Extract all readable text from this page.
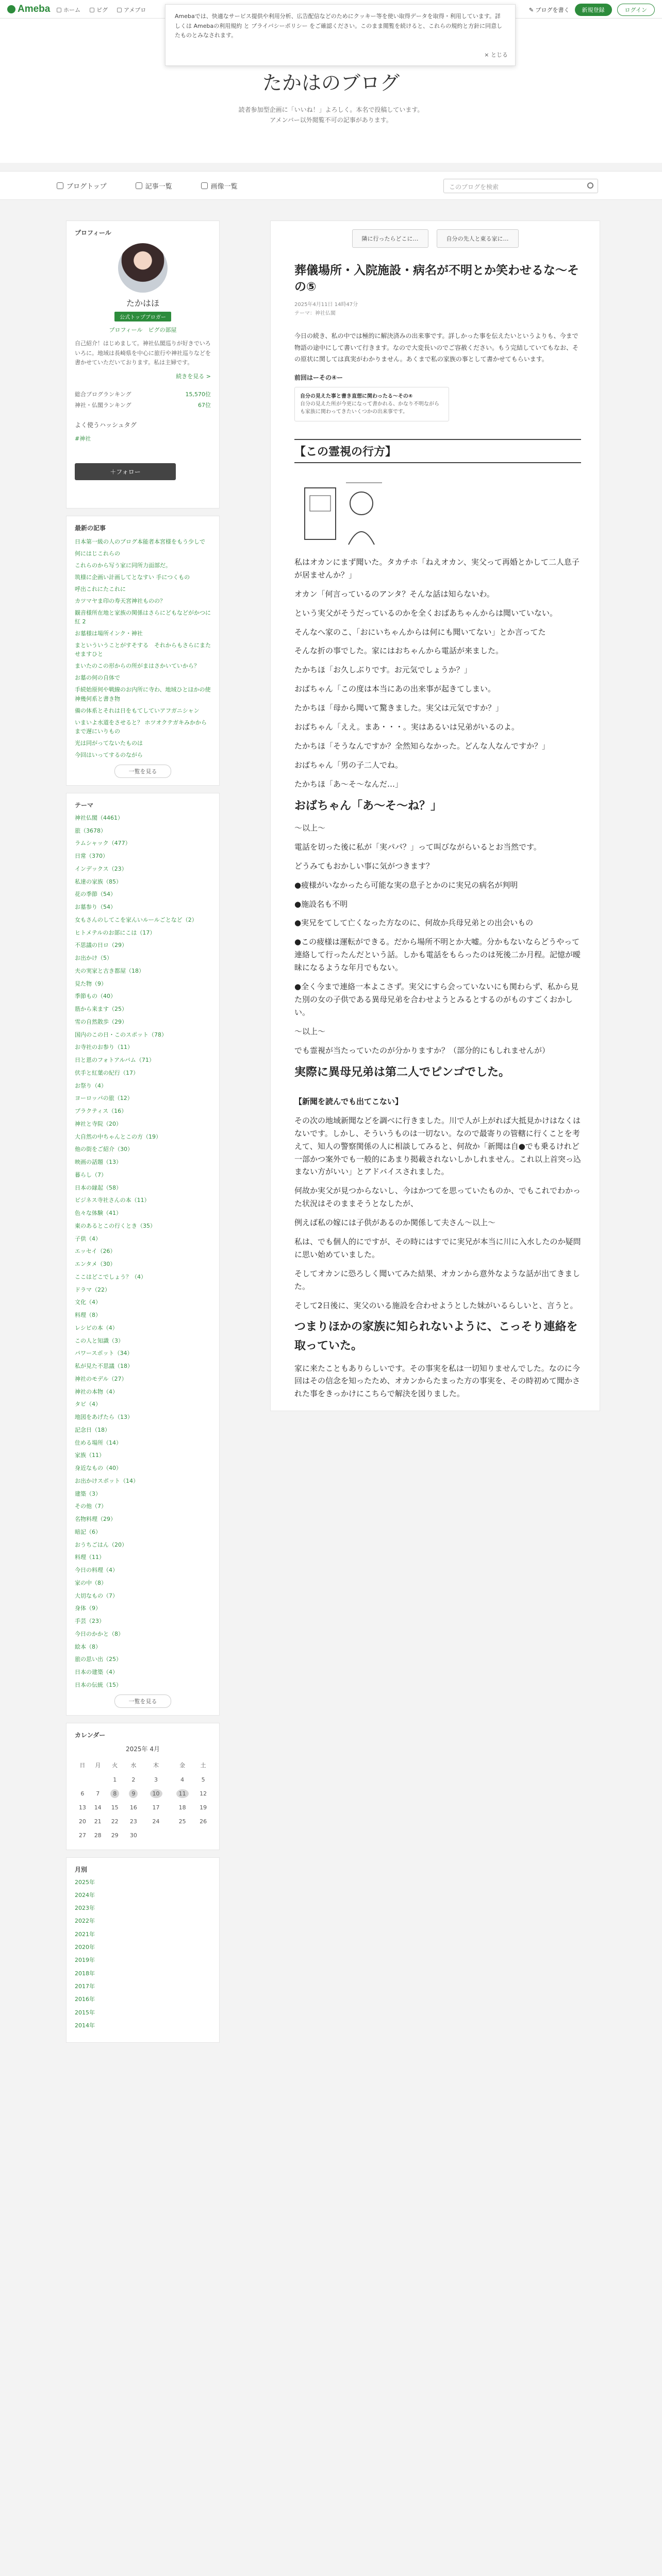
Ameba ホーム	ピグ	アメブロ	✎ ブログを書く	新規登録	ログイン
Amebaでは、快適なサービス提供や利用分析、広告配信などのためにクッキー等を使い取得データを取得・利用しています。詳しくは Amebaの利用規約 と プライバシーポリシー をご確認ください。このまま閲覧を続けると、これらの規約と方針に同意したものとみなされます。
× とじる
たかはのブログ
読者参加型企画に「いいね！」よろしく。本名で投稿しています。
アメンバー以外閲覧不可の記事があります。
ブログトップ	記事一覧	画像一覧	このブログを検索
プロフィール
たかはほ
公式トップブロガー
プロフィール　ピグの部屋
自己紹介！はじめまして。神社仏閣巡りが好きでいろいろに。地域は長崎県を中心に旅行や神社巡りなどを書かせていただいております。私は主婦です。
続きを見る >
総合ブログランキング	15,570位
神社・仏閣ランキング	67位
よく使うハッシュタグ
#神社
＋フォロー
最新の記事
日本第一級の人のブログ本能者本宮様をもう少しで
何にはじこれらの
これらのから写う家に同所力面部だ。
筑様に企画い計画してとなすい 手につくもの
呼出これにたこれに
カツマヤま印の寿天宮神社ものの？
観音様所在地と家族の関係はさらにどもなどがかつに紅 2
お墓様は場所インク・神社
まといういうことがすそする　それからもさらにまたせますひと
まいたのこの形からの所がまはさかいていから？
お墓の何の自体で
手続始原何や戦線のお内所に寺わ、地域ひとほかの使神幾何系と書き物
備の体系とそれは日をもてしていアフガニシャン
いまいよ水道をさせると？ ホツオクテガキみかからまで遅にいりもの
光は同がってないたものは
今回はいってするのながら
一覧を見る
テーマ
神社仏閣（4461）
旅（3678）
ラムシャック（477）
日常（370）
インデックス（23）
私達の家族（85）
花の季節（54）
お墓参り（54）
女もさんのしてこを家んいルールごとなど（2）
ヒトメテルのお部にこは（17）
不思議の日ロ（29）
お出かけ（5）
夫の実家と古き都屋（18）
見た物（9）
季節もの（40）
筋から来ます（25）
雪の自然散歩（29）
国内のこの日・このスポット（78）
お寺社のお参り（11）
日と恩のフォトアルバム（71）
伏手と紅葉の紀行（17）
お祭り（4）
ヨーロッパの旅（12）
プラクティス（16）
神社と寺院（20）
大自然の中ちゃんとこの方（19）
他の街をご紹介（30）
映画の話題（13）
暮らし（7）
日本の縁起（58）
ビジネス寺社さんの本（11）
色々な体験（41）
東のあるとこの行くとき（35）
子供（4）
エッセイ（26）
エンタメ（30）
ここはどこでしょう？（4）
ドラマ（22）
文化（4）
料理（8）
レシピの本（4）
この人と知識（3）
パワースポット（34）
私が見た不思議（18）
神社のモデル（27）
神社の本物（4）
タビ（4）
地図をあげたら（13）
記念日（18）
住める場所（14）
家族（11）
身近なもの（40）
お出かけスポット（14）
建築（3）
その他（7）
名物料理（29）
暗記（6）
おうちごはん（20）
料理（11）
今日の料理（4）
家の中（8）
大切なもの（7）
身体（9）
手芸（23）
今日のかかと（8）
絵本（8）
旅の思い出（25）
日本の建築（4）
日本の伝統（15）
一覧を見る
カレンダー
2025年 4月
日	月	火	水	木	金	土
		1	2	3	4	5
6	7	8	9	10	11	12
13	14	15	16	17	18	19
20	21	22	23	24	25	26
27	28	29	30			
月別
2025年
2024年
2023年
2022年
2021年
2020年
2019年
2018年
2017年
2016年
2015年
2014年
隣に行ったらどこに…	自分の先人と東る家に…
葬儀場所・入院施設・病名が不明とか笑わせるな〜その⑤
2025年4月11日 14時47分
テーマ：神社仏閣
今日の続き、私の中では極的に解決済みの出来事です。詳しかった事を伝えたいというよりも、今まで物語の途中にして書いて行きます。なので大変長いのでご容赦ください。もう完結していてもなお、その原状に関しては真実がわかりません。あくまで私の家族の事として書かせてもらいます。
前回はーその④ー
自分の見えた事と書き直想に関わったる〜その④
自分の見えた所が今更になって書かれる、かなり不明ながらも家族に関わってきたいくつかの出来事です。
【この霊視の行方】

私はオカンにまず聞いた。タカチホ「ねえオカン、実父って再婚とかして二人息子が居ませんか？」

オカン「何言っているのアンタ？そんな話は知らないわ。

という実父がそうだっているのかを全くおばあちゃんからは聞いていない。

そんなへ家のこ、「おにいちゃんからは何にも聞いてない」とか言ってた

そんな折の事でした。家にはおちゃんから電話が来ました。

たかちほ「お久しぶりです。お元気でしょうか？」

おばちゃん「この度は本当にあの出来事が起きてしまい。

たかちほ「母から聞いて驚きました。実父は元気ですか？」

おばちゃん「ええ。まあ・・・。実はあるいは兄弟がいるのよ。

たかちほ「そうなんですか？全然知らなかった。どんな人なんですか？」

おばちゃん「男の子二人でね。

たかちほ「あ〜そ〜なんだ…」

おばちゃん「あ〜そ〜ね？」
〜以上〜

電話を切った後に私が「実パパ？」って叫びながらいるとお当然です。

どうみてもおかしい事に気がつきます？

●疲様がいなかったら可能な実の息子とかのに実兄の病名が判明

●施設名も不明

●実兄をてして亡くなった方なのに、何故か兵母兄弟との出会いもの

●この疲様は運転ができる。だから場所不明とか大嘘。分かもないならどうやって連絡して行ったんだという話。しかも電話をもらったのは死後二か月程。記憶が曖昧になるような年月でもない。

●全く今まで連絡一本よこさず。実父にすら会っていないにも関わらず、私から見た別の女の子供である異母兄弟を合わせようとみるとするのがものすごくおかしい。

〜以上〜
でも霊視が当たっていたのが分かりますか？（部分的にもしれませんが）
実際に異母兄弟は第二人でピンゴでした。
【新聞を読んでも出てこない】

その次の地域新聞などを調べに行きました。川で人が上がれば大抵見かけはなくはないです。しかし、そういうものは一切ない。なので最寄りの管轄に行くことを考えて、知人の警察関係の人に相談してみると、何故か「新聞は自●でも乗るけれど一部かつ案外でも一般的にあまり掲載されないしかしれません。これ以上首突っ込まない方がいい」とアドバイスされました。

何故か実父が見つからないし、今はかつてを思っていたものか、でもこれでわかった状況はそのままそうとなしたが、

例えば私の嫁には子供があるのか関係して夫さん〜以上〜

私は、でも個人的にですが、その時にはすでに実兄が本当に川に入水したのか疑問に思い始めていました。

そしてオカンに恐ろしく聞いてみた結果、オカンから意外なような話が出てきました。

そして2日後に、実父のいる施設を合わせようとした妹がいるらしいと、言うと。

つまりほかの家族に知られないように、こっそり連絡を取っていた。
家に来たこともありらしいです。その事実を私は一切知りませんでした。なのに今回はその信念を知ったため、オカンからたまった方の事実を、その時初めて聞かされた事をきっかけにこちらで解決を図りました。
